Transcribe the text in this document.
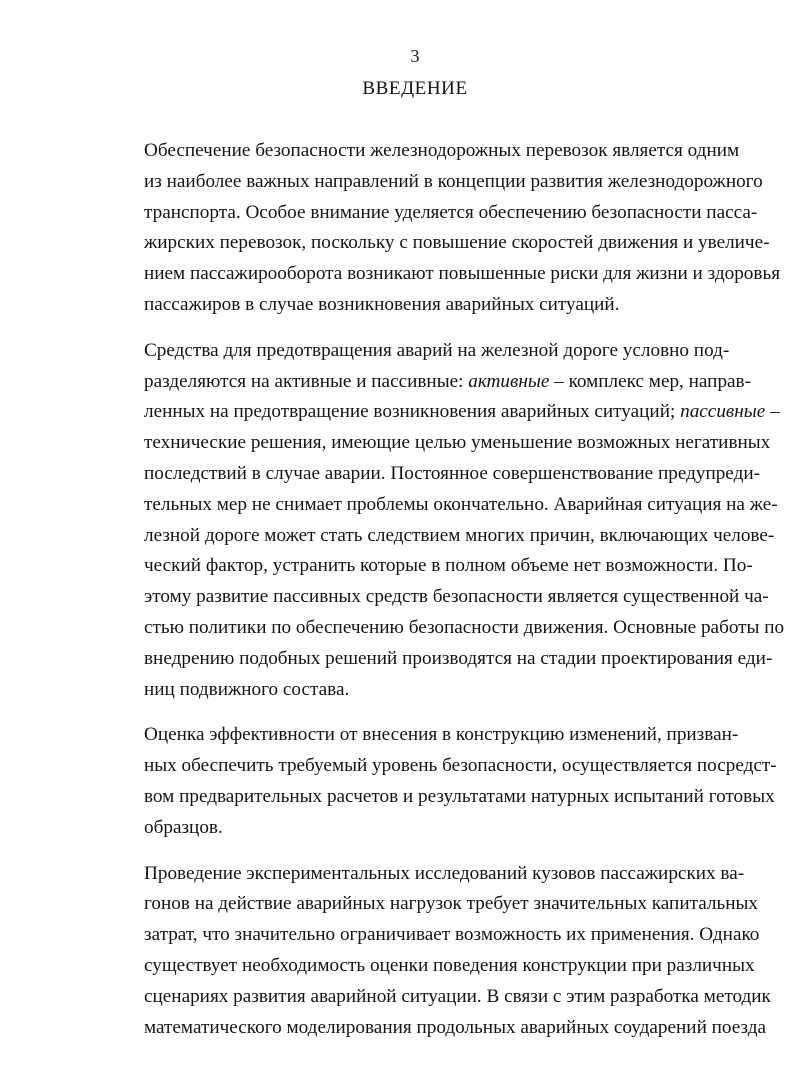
3
ВВЕДЕНИЕ

Обеспечение безопасности железнодорожных перевозок является одним
из наиболее важных направлений в концепции развития железнодорожного
транспорта. Особое внимание уделяется обеспечению безопасности пасса-
жирских перевозок, поскольку с повышение скоростей движения и увеличе-
нием пассажирооборота возникают повышенные риски для жизни и здоровья
пассажиров в случае возникновения аварийных ситуаций.

Средства для предотвращения аварий на железной дороге условно под-
разделяются на активные и пассивные: активные – комплекс мер, направ-
ленных на предотвращение возникновения аварийных ситуаций; пассивные –
технические решения, имеющие целью уменьшение возможных негативных
последствий в случае аварии. Постоянное совершенствование предупреди-
тельных мер не снимает проблемы окончательно. Аварийная ситуация на же-
лезной дороге может стать следствием многих причин, включающих челове-
ческий фактор, устранить которые в полном объеме нет возможности. По-
этому развитие пассивных средств безопасности является существенной ча-
стью политики по обеспечению безопасности движения. Основные работы по
внедрению подобных решений производятся на стадии проектирования еди-
ниц подвижного состава.

Оценка эффективности от внесения в конструкцию изменений, призван-
ных обеспечить требуемый уровень безопасности, осуществляется посредст-
вом предварительных расчетов и результатами натурных испытаний готовых
образцов.

Проведение экспериментальных исследований кузовов пассажирских ва-
гонов на действие аварийных нагрузок требует значительных капитальных
затрат, что значительно ограничивает возможность их применения. Однако
существует необходимость оценки поведения конструкции при различных
сценариях развития аварийной ситуации. В связи с этим разработка методик
математического моделирования продольных аварийных соударений поезда
